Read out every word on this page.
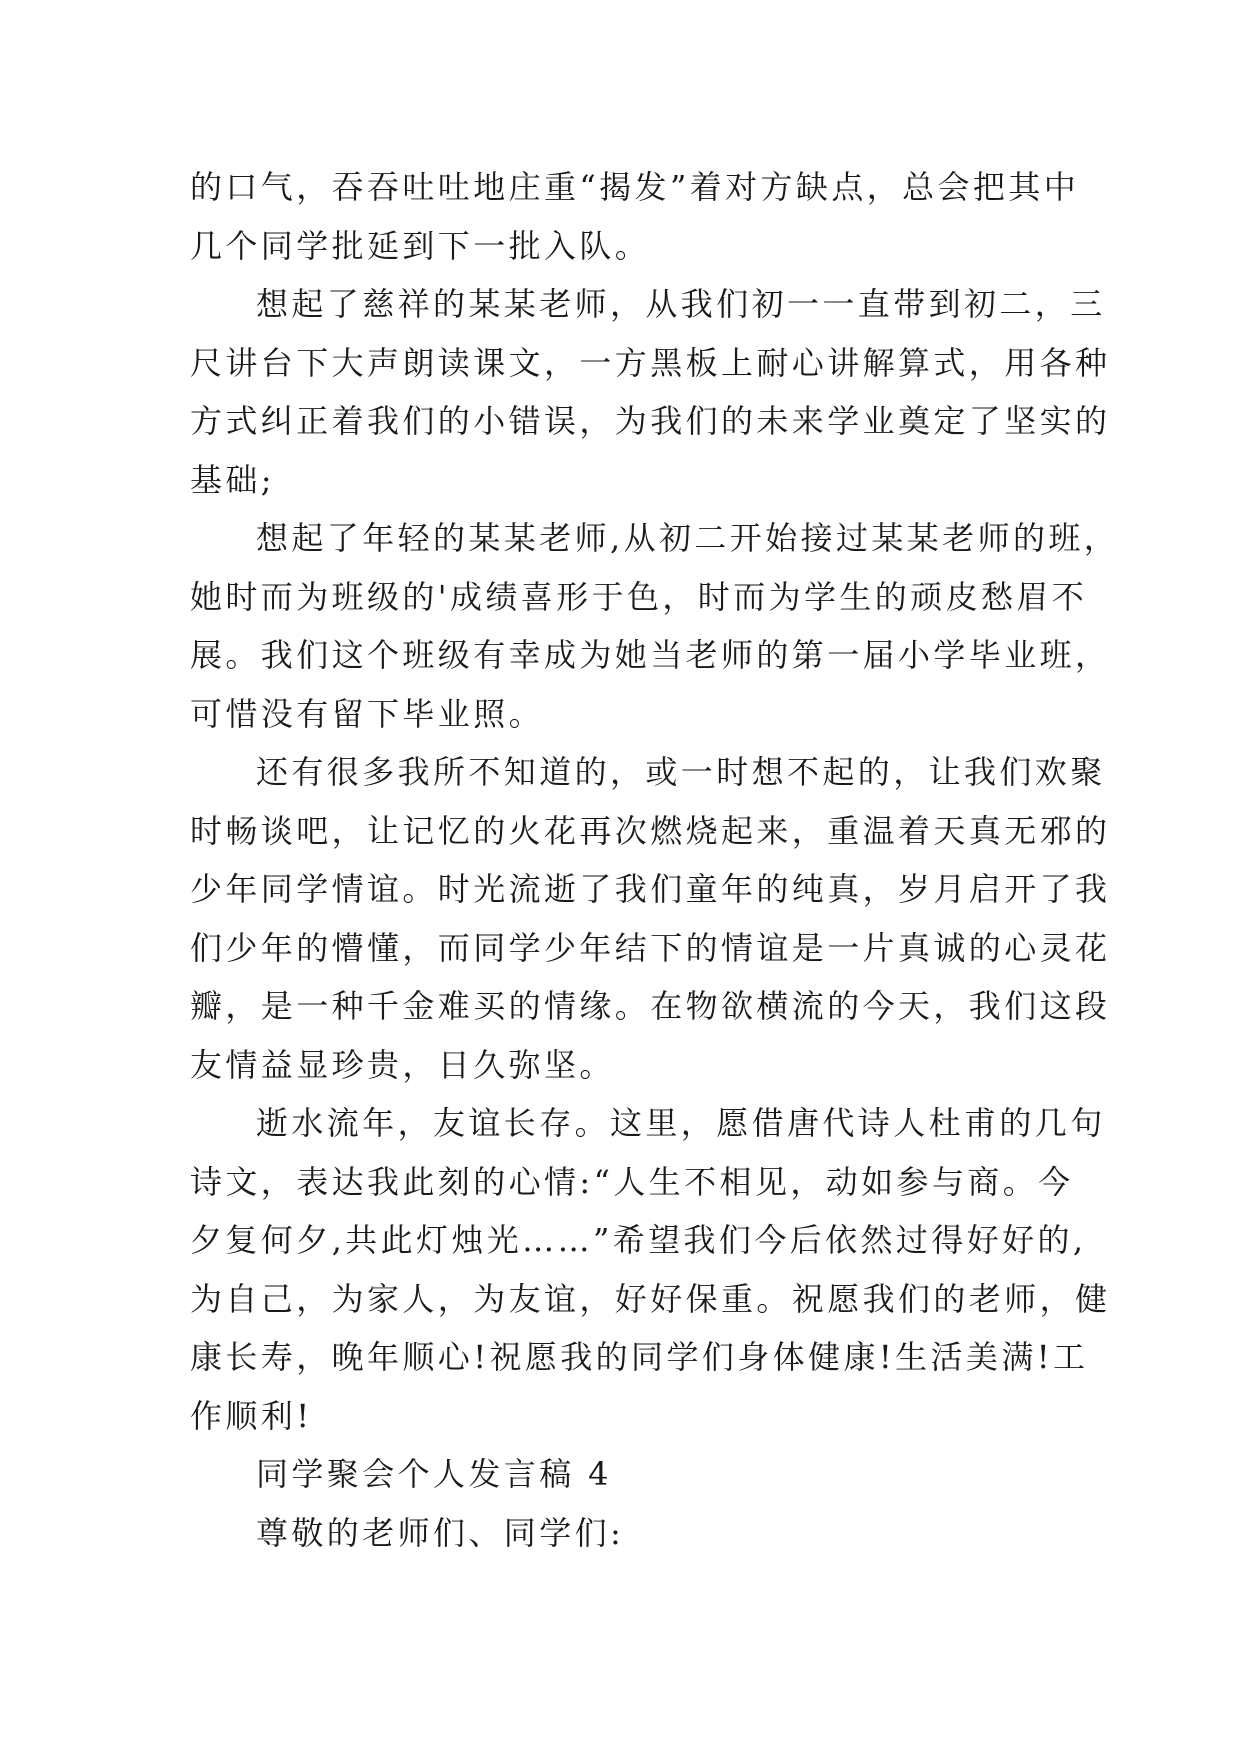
的口气，吞吞吐吐地庄重“揭发”着对方缺点，总会把其中
几个同学批延到下一批入队。
想起了慈祥的某某老师，从我们初一一直带到初二，三
尺讲台下大声朗读课文，一方黑板上耐心讲解算式，用各种
方式纠正着我们的小错误，为我们的未来学业奠定了坚实的
基础;
想起了年轻的某某老师,从初二开始接过某某老师的班，
她时而为班级的'成绩喜形于色，时而为学生的顽皮愁眉不
展。我们这个班级有幸成为她当老师的第一届小学毕业班，
可惜没有留下毕业照。
还有很多我所不知道的，或一时想不起的，让我们欢聚
时畅谈吧，让记忆的火花再次燃烧起来，重温着天真无邪的
少年同学情谊。时光流逝了我们童年的纯真，岁月启开了我
们少年的懵懂，而同学少年结下的情谊是一片真诚的心灵花
瓣，是一种千金难买的情缘。在物欲横流的今天，我们这段
友情益显珍贵，日久弥坚。
逝水流年，友谊长存。这里，愿借唐代诗人杜甫的几句
诗文，表达我此刻的心情:“人生不相见，动如参与商。今
夕复何夕,共此灯烛光……”希望我们今后依然过得好好的,
为自己，为家人，为友谊，好好保重。祝愿我们的老师，健
康长寿，晚年顺心!祝愿我的同学们身体健康!生活美满!工
作顺利!
同学聚会个人发言稿 4
尊敬的老师们、同学们:
